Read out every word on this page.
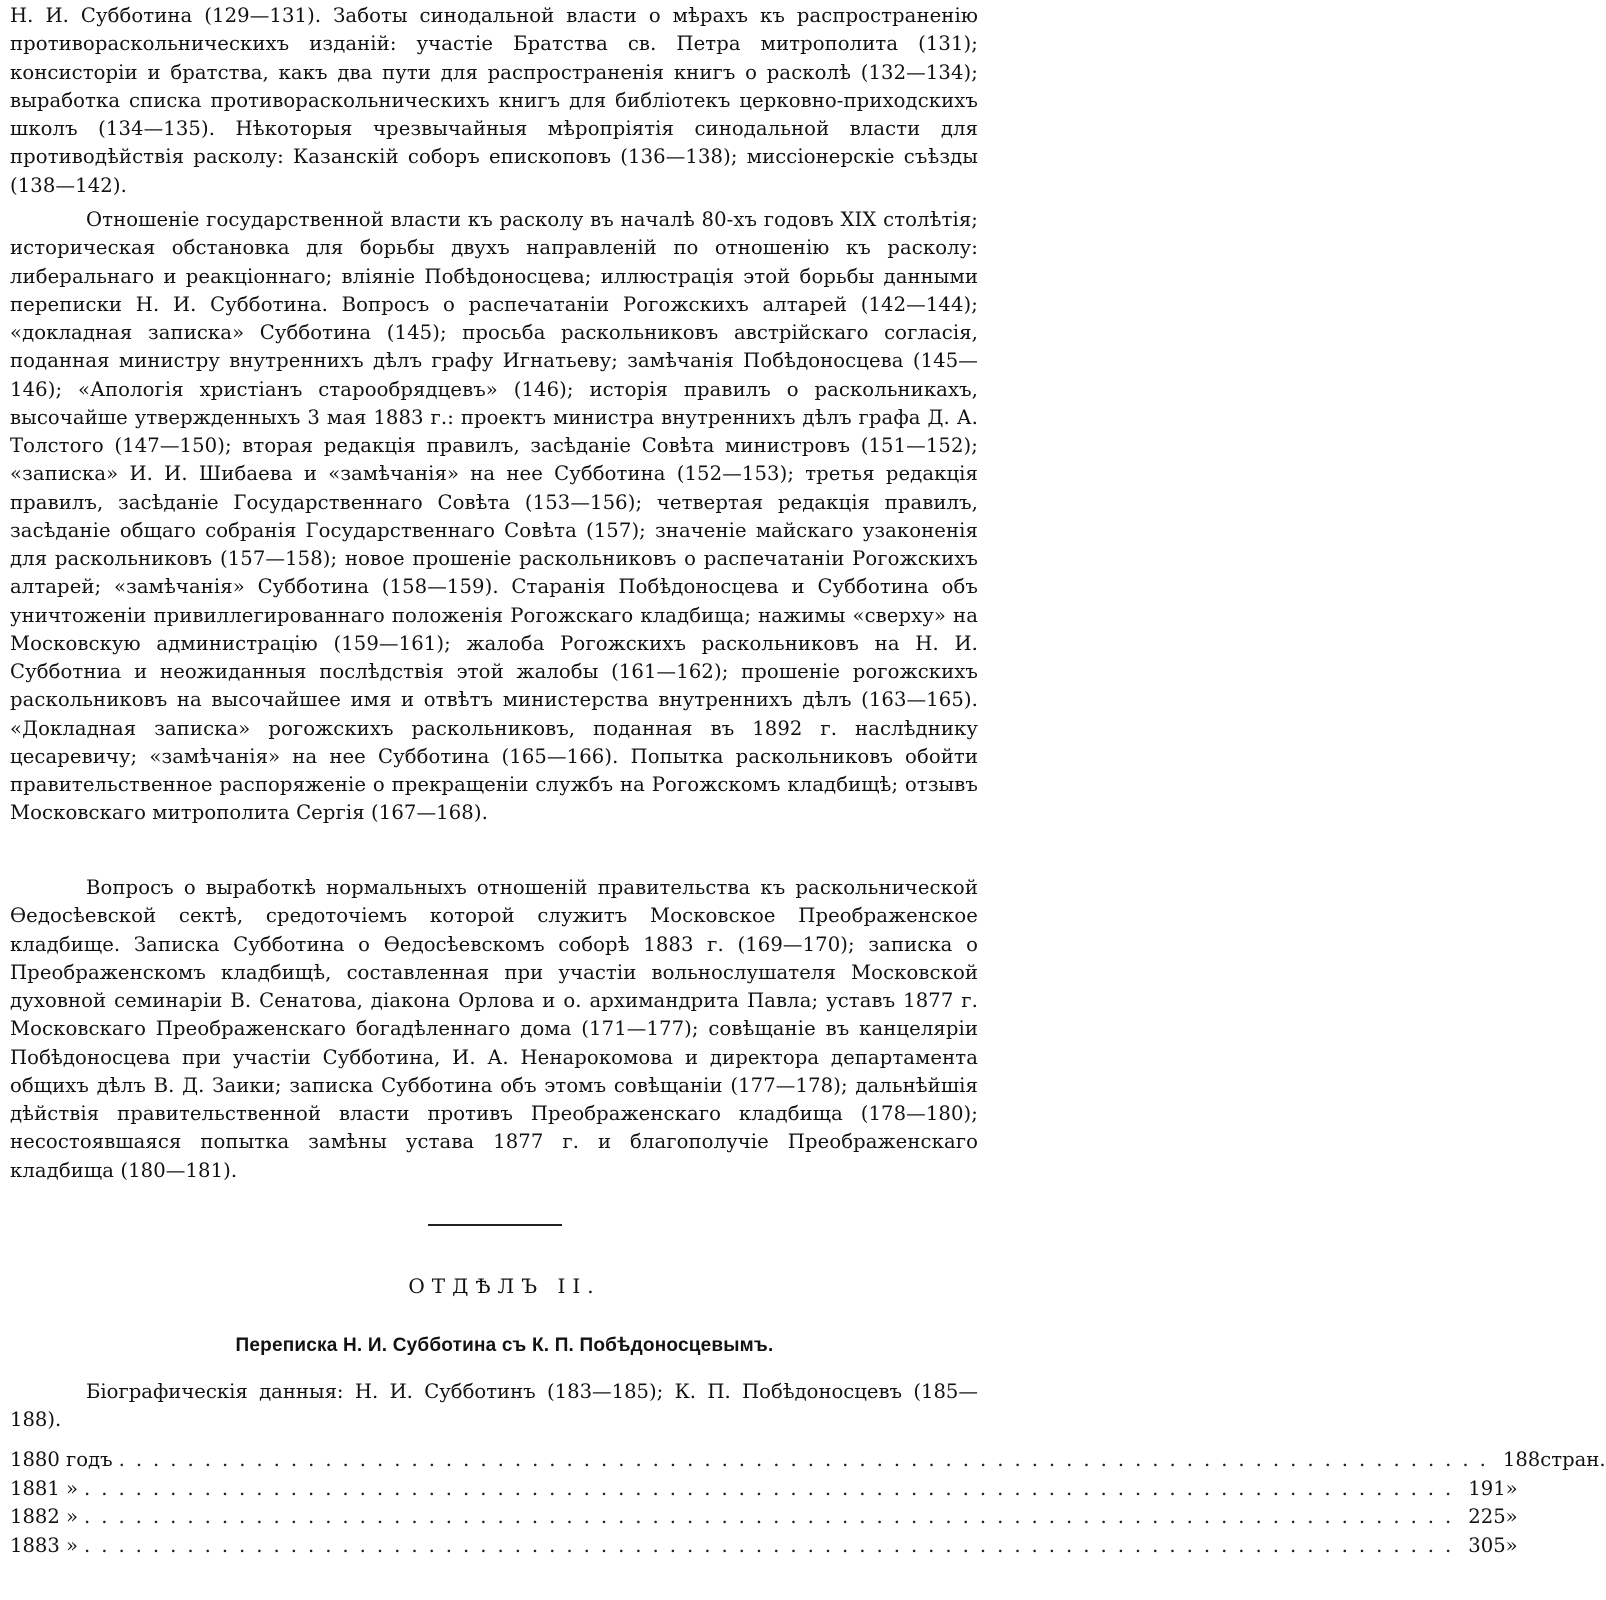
Н. И. Субботина (129—131). Заботы синодальной власти о мѣрахъ къ распространенію противораскольническихъ изданій: участіе Братства св. Петра митрополита (131); консисторіи и братства, какъ два пути для распространенія книгъ о расколѣ (132—134); выработка списка противораскольническихъ книгъ для библіотекъ церковно-приходскихъ школъ (134—135). Нѣкоторыя чрезвычайныя мѣропріятія синодальной власти для противодѣйствія расколу: Казанскій соборъ епископовъ (136—138); миссіонерскіе съѣзды (138—142).

Отношеніе государственной власти къ расколу въ началѣ 80-хъ годовъ XIX столѣтія; историческая обстановка для борьбы двухъ направленій по отношенію къ расколу: либеральнаго и реакціоннаго; вліяніе Побѣдоносцева; иллюстрація этой борьбы данными переписки Н. И. Субботина. Вопросъ о распечатаніи Рогожскихъ алтарей (142—144); «докладная записка» Субботина (145); просьба раскольниковъ австрійскаго согласія, поданная министру внутреннихъ дѣлъ графу Игнатьеву; замѣчанія Побѣдоносцева (145—146); «Апологія христіанъ старообрядцевъ» (146); исторія правилъ о раскольникахъ, высочайше утвержденныхъ 3 мая 1883 г.: проектъ министра внутреннихъ дѣлъ графа Д. А. Толстого (147—150); вторая редакція правилъ, засѣданіе Совѣта министровъ (151—152); «записка» И. И. Шибаева и «замѣчанія» на нее Субботина (152—153); третья редакція правилъ, засѣданіе Государственнаго Совѣта (153—156); четвертая редакція правилъ, засѣданіе общаго собранія Государственнаго Совѣта (157); значеніе майскаго узаконенія для раскольниковъ (157—158); новое прошеніе раскольниковъ о распечатаніи Рогожскихъ алтарей; «замѣчанія» Субботина (158—159). Старанія Побѣдоносцева и Субботина объ уничтоженіи привиллегированнаго положенія Рогожскаго кладбища; нажимы «сверху» на Московскую администрацію (159—161); жалоба Рогожскихъ раскольниковъ на Н. И. Субботниа и неожиданныя послѣдствія этой жалобы (161—162); прошеніе рогожскихъ раскольниковъ на высочайшее имя и отвѣтъ министерства внутреннихъ дѣлъ (163—165). «Докладная записка» рогожскихъ раскольниковъ, поданная въ 1892 г. наслѣднику цесаревичу; «замѣчанія» на нее Субботина (165—166). Попытка раскольниковъ обойти правительственное распоряженіе о прекращеніи службъ на Рогожскомъ кладбищѣ; отзывъ Московскаго митрополита Сергія (167—168).

Вопросъ о выработкѣ нормальныхъ отношеній правительства къ раскольнической Ѳедосѣевской сектѣ, средоточіемъ которой служитъ Московское Преображенское кладбище. Записка Субботина о Ѳедосѣевскомъ соборѣ 1883 г. (169—170); записка о Преображенскомъ кладбищѣ, составленная при участіи вольнослушателя Московской духовной семинаріи В. Сенатова, діакона Орлова и о. архимандрита Павла; уставъ 1877 г. Московскаго Преображенскаго богадѣленнаго дома (171—177); совѣщаніе въ канцеляріи Побѣдоносцева при участіи Субботина, И. А. Ненарокомова и директора департамента общихъ дѣлъ В. Д. Заики; записка Субботина объ этомъ совѣщаніи (177—178); дальнѣйшія дѣйствія правительственной власти противъ Преображенскаго кладбища (178—180); несостоявшаяся попытка замѣны устава 1877 г. и благополучіе Преображенскаго кладбища (180—181).

ОТДѢЛЪ II.
Переписка Н. И. Субботина съ К. П. Побѣдоносцевымъ.

Біографическія данныя: Н. И. Субботинъ (183—185); К. П. Побѣдоносцевъ (185—188).

1880 годъ ................................................................................ 188 стран.
1881 » ................................................................................ 191 »
1882 » ................................................................................ 225 »
1883 » ................................................................................ 305 »
